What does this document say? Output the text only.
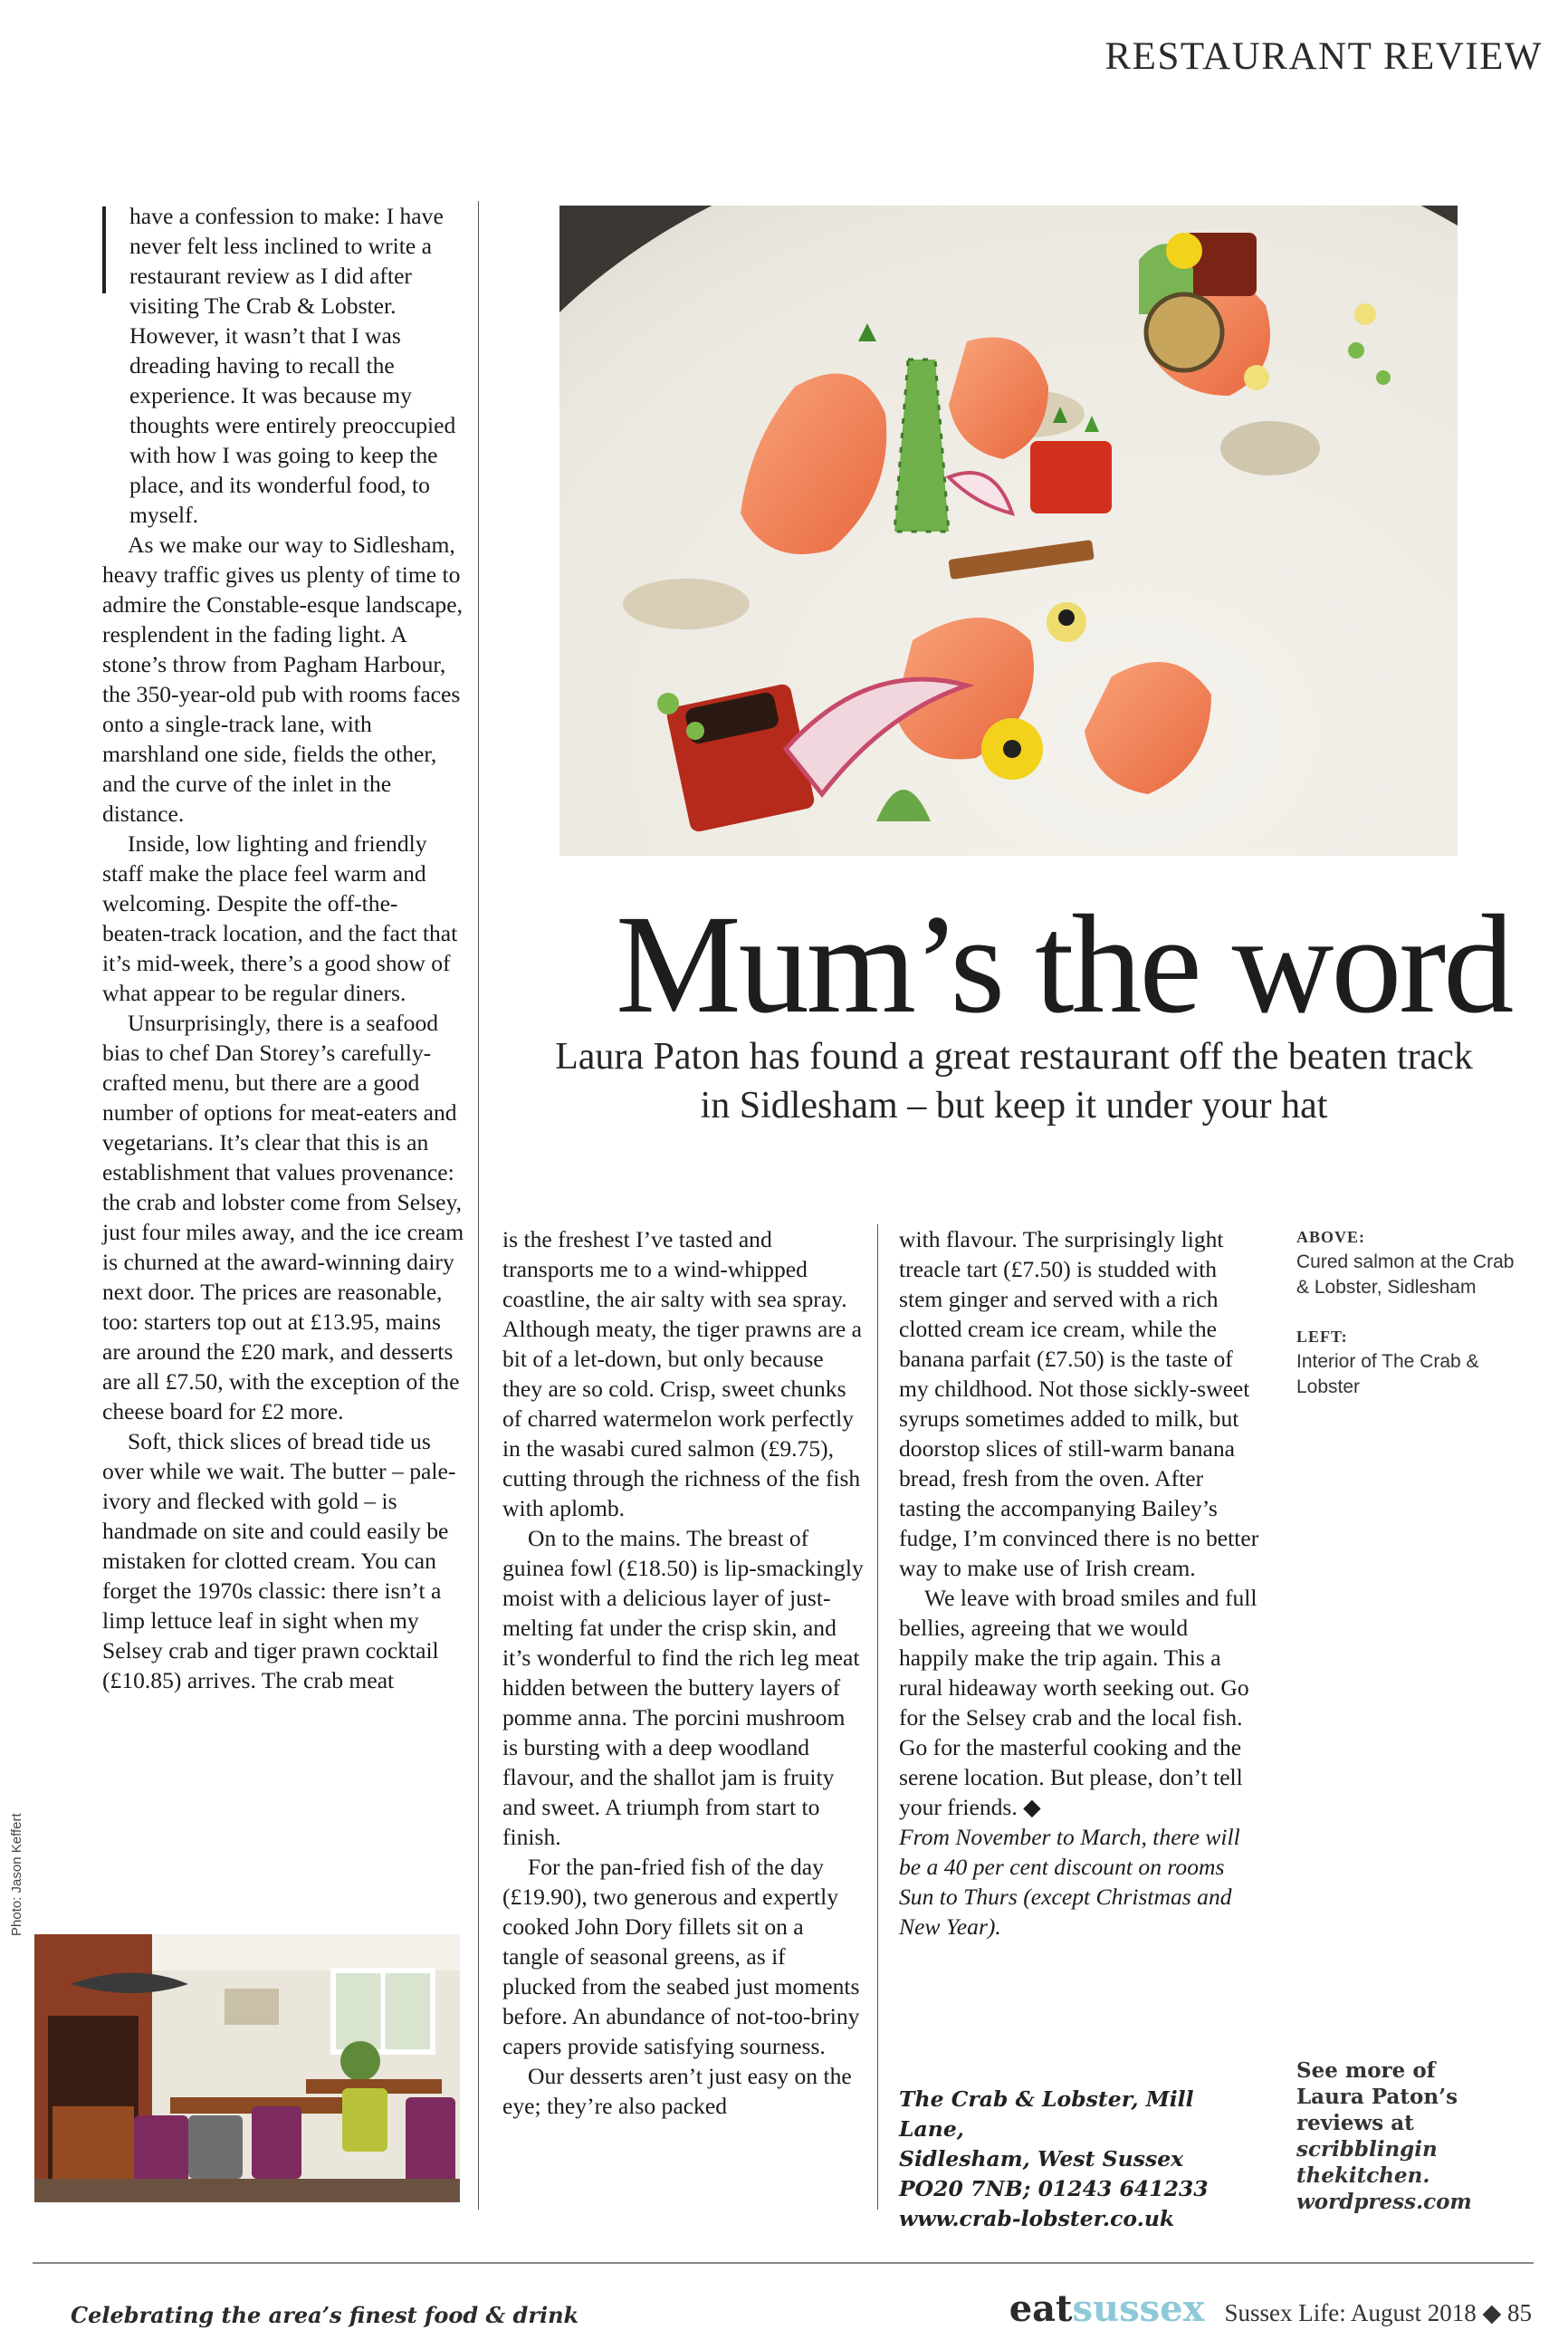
RESTAURANT REVIEW

have a confession to make: I have never felt less inclined to write a restaurant review as I did after visiting The Crab & Lobster. However, it wasn’t that I was dreading having to recall the experience. It was because my thoughts were entirely preoccupied with how I was going to keep the place, and its wonderful food, to myself.

As we make our way to Sidlesham, heavy traffic gives us plenty of time to admire the Constable-esque landscape, resplendent in the fading light. A stone’s throw from Pagham Harbour, the 350-year-old pub with rooms faces onto a single-track lane, with marshland one side, fields the other, and the curve of the inlet in the distance.

Inside, low lighting and friendly staff make the place feel warm and welcoming. Despite the off-the-beaten-track location, and the fact that it’s mid-week, there’s a good show of what appear to be regular diners.

Unsurprisingly, there is a seafood bias to chef Dan Storey’s carefully-crafted menu, but there are a good number of options for meat-eaters and vegetarians. It’s clear that this is an establishment that values provenance: the crab and lobster come from Selsey, just four miles away, and the ice cream is churned at the award-winning dairy next door. The prices are reasonable, too: starters top out at £13.95, mains are around the £20 mark, and desserts are all £7.50, with the exception of the cheese board for £2 more.

Soft, thick slices of bread tide us over while we wait. The butter – pale-ivory and flecked with gold – is handmade on site and could easily be mistaken for clotted cream. You can forget the 1970s classic: there isn’t a limp lettuce leaf in sight when my Selsey crab and tiger prawn cocktail (£10.85) arrives. The crab meat

Mum’s the word
Laura Paton has found a great restaurant off the beaten track in Sidlesham – but keep it under your hat

is the freshest I’ve tasted and transports me to a wind-whipped coastline, the air salty with sea spray. Although meaty, the tiger prawns are a bit of a let-down, but only because they are so cold. Crisp, sweet chunks of charred watermelon work perfectly in the wasabi cured salmon (£9.75), cutting through the richness of the fish with aplomb.

On to the mains. The breast of guinea fowl (£18.50) is lip-smackingly moist with a delicious layer of just-melting fat under the crisp skin, and it’s wonderful to find the rich leg meat hidden between the buttery layers of pomme anna. The porcini mushroom is bursting with a deep woodland flavour, and the shallot jam is fruity and sweet. A triumph from start to finish.

For the pan-fried fish of the day (£19.90), two generous and expertly cooked John Dory fillets sit on a tangle of seasonal greens, as if plucked from the seabed just moments before. An abundance of not-too-briny capers provide satisfying sourness.

Our desserts aren’t just easy on the eye; they’re also packed

with flavour. The surprisingly light treacle tart (£7.50) is studded with stem ginger and served with a rich clotted cream ice cream, while the banana parfait (£7.50) is the taste of my childhood. Not those sickly-sweet syrups sometimes added to milk, but doorstop slices of still-warm banana bread, fresh from the oven. After tasting the accompanying Bailey’s fudge, I’m convinced there is no better way to make use of Irish cream.

We leave with broad smiles and full bellies, agreeing that we would happily make the trip again. This a rural hideaway worth seeking out. Go for the Selsey crab and the local fish. Go for the masterful cooking and the serene location. But please, don’t tell your friends. ◆

From November to March, there will be a 40 per cent discount on rooms Sun to Thurs (except Christmas and New Year).

The Crab & Lobster, Mill Lane,
Sidlesham, West Sussex
PO20 7NB; 01243 641233
www.crab-lobster.co.uk
ABOVE:
Cured salmon at the Crab & Lobster, Sidlesham
LEFT:
Interior of The Crab & Lobster
See more of
Laura Paton’s
reviews at
scribblingin
thekitchen.
wordpress.com
Photo: Jason Keffert
Celebrating the area’s finest food & drink	eatsussex Sussex Life: August 2018 ◆ 85
